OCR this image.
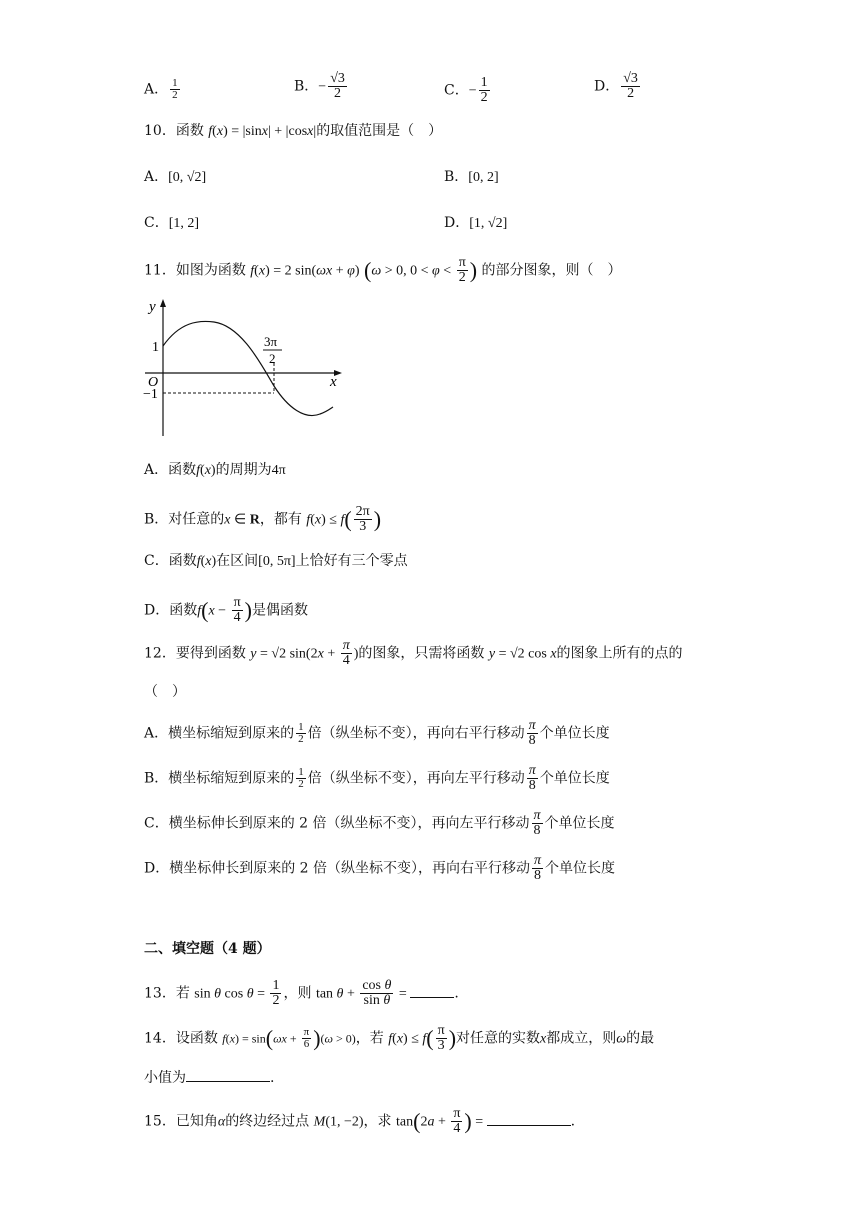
A． $\frac{1}{2}$	B．− $\frac{√3}{2}$	C．− $\frac{1}{2}$	D． $\frac{√3}{2}$
10．函数 f(x) = |sinx| + |cosx|的取值范围是（　）
A．[0, √2]	B．[0, 2]
C．[1, 2]	D．[1, √2]
11．如图为函数 f(x) = 2 sin(ωx + φ) (ω > 0, $0 < \varphi < \frac{\pi}{2}$ ) 的部分图象，则（　）
y
x
O
1
−1
3π
2
A．函数f(x)的周期为4π
B．对任意的x ∈ R，都有 $f(x) \le f( \frac{2\pi}{3}$ )
C．函数f(x)在区间[0, 5π]上恰好有三个零点
D．函数$f(x - \frac{\pi}{4}$ )是偶函数
12．要得到函数 y = √2 $\sin(2x + \frac{\pi}{4}$ )的图象，只需将函数 y = √2 cos x的图象上所有的点的
（　）
A．横坐标缩短到原来的 $\frac{1}{2}$ 倍（纵坐标不变），再向右平行移动 $\frac{\pi}{8}$ 个单位长度
B．横坐标缩短到原来的 $\frac{1}{2}$ 倍（纵坐标不变），再向左平行移动 $\frac{\pi}{8}$ 个单位长度
C．横坐标伸长到原来的 2 倍（纵坐标不变），再向左平行移动 $\frac{\pi}{8}$ 个单位长度
D．横坐标伸长到原来的 2 倍（纵坐标不变），再向右平行移动 $\frac{\pi}{8}$ 个单位长度
二、填空题（4 题）
13．若 sin θ $\cos \theta = \frac{1}{2}$ ，则 $\tan \theta + \frac{\text{cos θ}}{\text{sin θ}}$ =	.
14．设函数 $f(x) = \sin(\omega x + \frac{\pi}{6} )(\omega > 0)$，若 $f(x) \le f( \frac{\pi}{3}$ )对任意的实数x都成立，则ω的最
小值为	.
15．已知角α的终边经过点 M(1, −2)，求 $\tan(2a + \frac{\pi}{4}$ ) =	.
